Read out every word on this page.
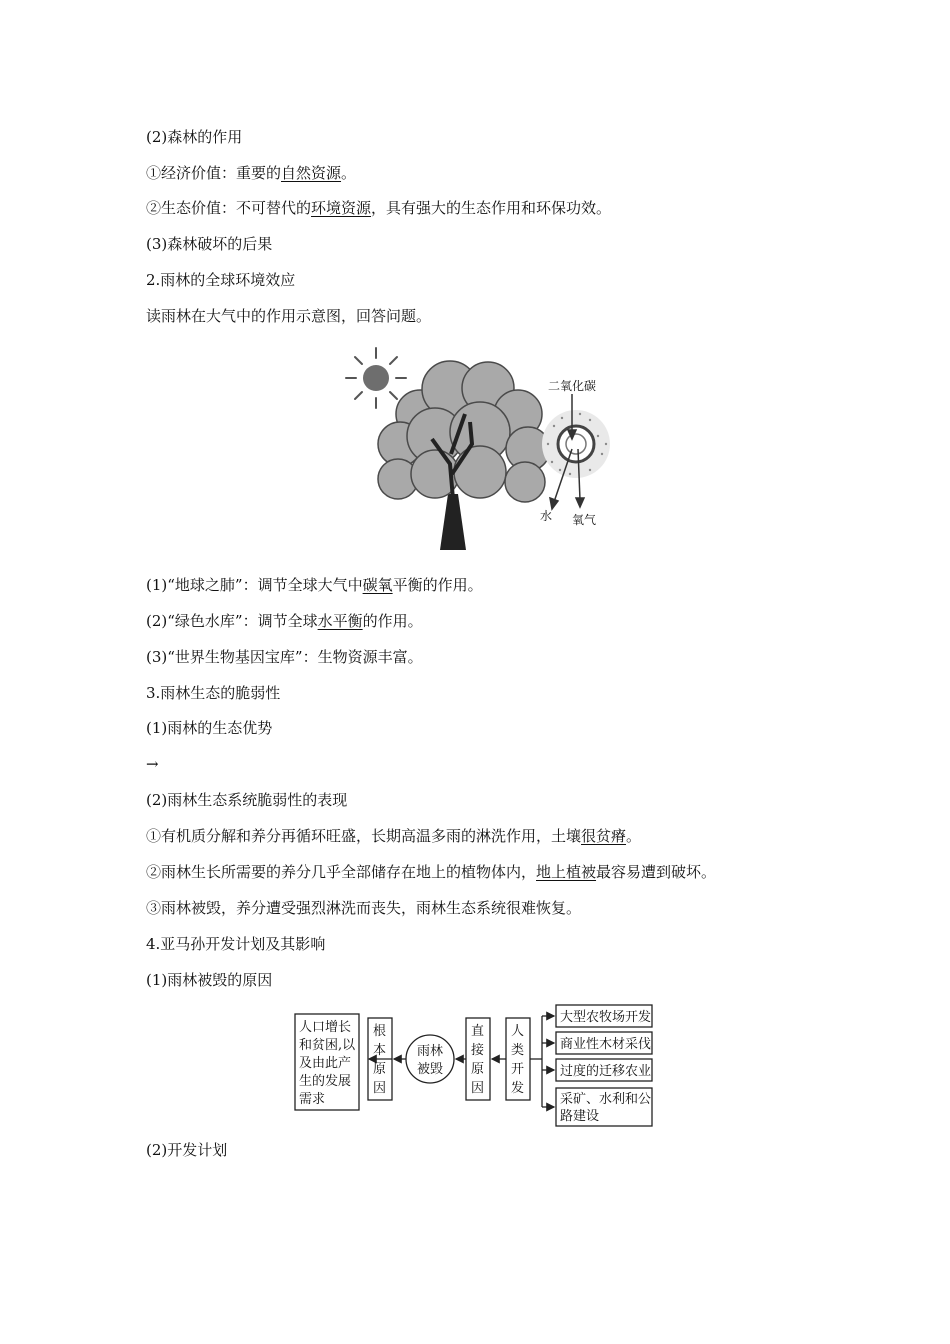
(2)森林的作用
①经济价值：重要的自然资源。
②生态价值：不可替代的环境资源，具有强大的生态作用和环保功效。
(3)森林破坏的后果
2.雨林的全球环境效应
读雨林在大气中的作用示意图，回答问题。
二氧化碳
水 氧气
(1)“地球之肺”：调节全球大气中碳氧平衡的作用。
(2)“绿色水库”：调节全球水平衡的作用。
(3)“世界生物基因宝库”：生物资源丰富。
3.雨林生态的脆弱性
(1)雨林的生态优势
→
(2)雨林生态系统脆弱性的表现
①有机质分解和养分再循环旺盛，长期高温多雨的淋洗作用，土壤很贫瘠。
②雨林生长所需要的养分几乎全部储存在地上的植物体内，地上植被最容易遭到破坏。
③雨林被毁，养分遭受强烈淋洗而丧失，雨林生态系统很难恢复。
4.亚马孙开发计划及其影响
(1)雨林被毁的原因
人口增长
和贫困,以
及由此产
生的发展
需求
根
本
原
因
雨林
被毁
直
接
原
因
人
类
开
发
大型农牧场开发
商业性木材采伐
过度的迁移农业
采矿、水利和公
路建设
(2)开发计划
